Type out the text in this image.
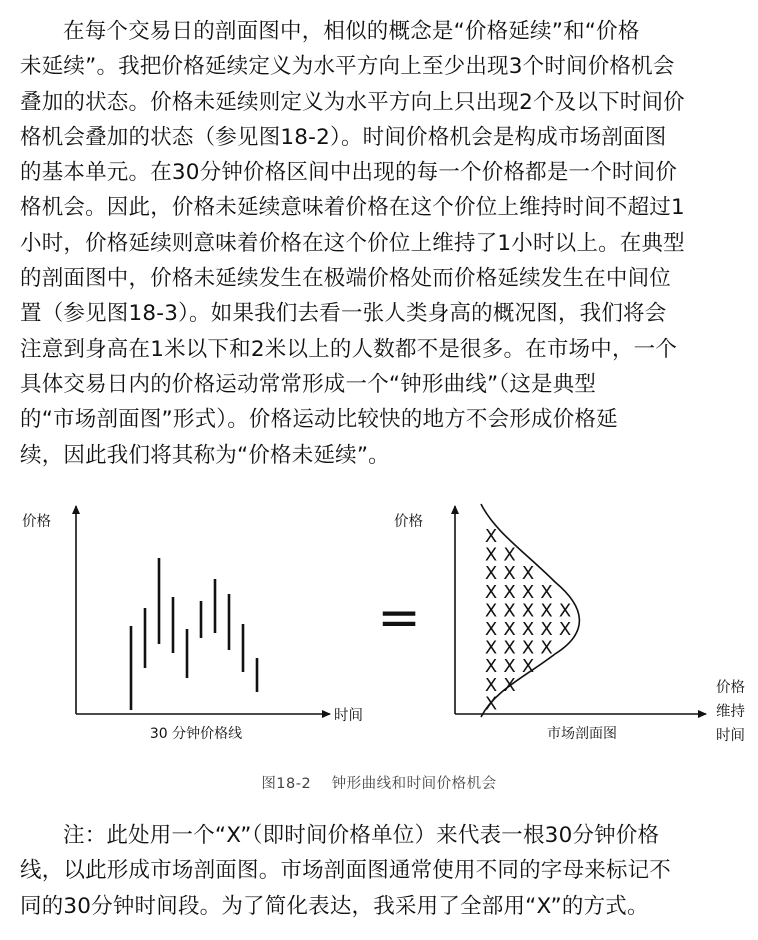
在每个交易日的剖面图中，相似的概念是“价格延续”和“价格
未延续”。我把价格延续定义为水平方向上至少出现3个时间价格机会
叠加的状态。价格未延续则定义为水平方向上只出现2个及以下时间价
格机会叠加的状态（参见图18-2）。时间价格机会是构成市场剖面图
的基本单元。在30分钟价格区间中出现的每一个价格都是一个时间价
格机会。因此，价格未延续意味着价格在这个价位上维持时间不超过1
小时，价格延续则意味着价格在这个价位上维持了1小时以上。在典型
的剖面图中，价格未延续发生在极端价格处而价格延续发生在中间位
置（参见图18-3）。如果我们去看一张人类身高的概况图，我们将会
注意到身高在1米以下和2米以上的人数都不是很多。在市场中，一个
具体交易日内的价格运动常常形成一个“钟形曲线”（这是典型
的“市场剖面图”形式）。价格运动比较快的地方不会形成价格延
续，因此我们将其称为“价格未延续”。
价格
时间
30 分钟价格线
=
价格
价格
维持
时间
市场剖面图
X
X X
X X X
X X X X
X X X X X
X X X X X
X X X X
X X X
X X
X
图18-2 钟形曲线和时间价格机会
注：此处用一个“X”（即时间价格单位）来代表一根30分钟价格
线，以此形成市场剖面图。市场剖面图通常使用不同的字母来标记不
同的30分钟时间段。为了简化表达，我采用了全部用“X”的方式。
